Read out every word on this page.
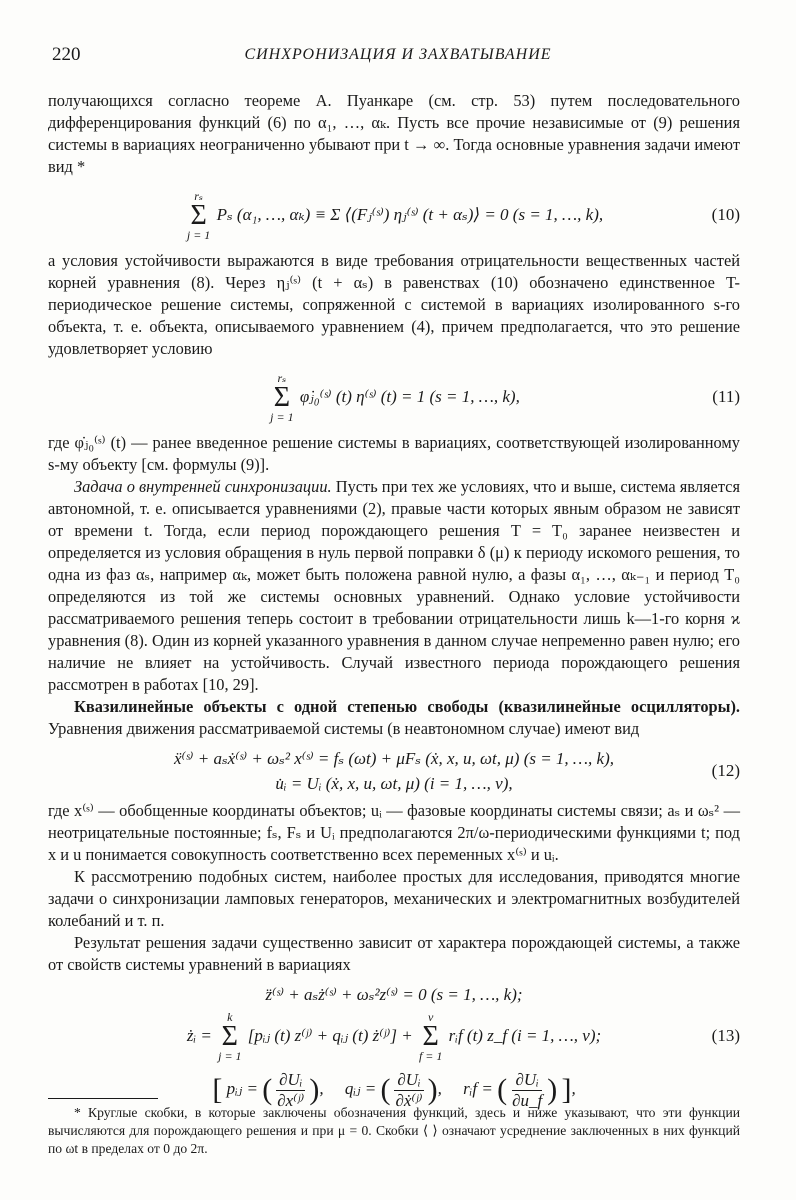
220	СИНХРОНИЗАЦИЯ И ЗАХВАТЫВАНИЕ

получающихся согласно теореме А. Пуанкаре (см. стр. 53) путем последовательного дифференцирования функций (6) по α₁, …, αₖ. Пусть все прочие независимые от (9) решения системы в вариациях неограниченно убывают при t → ∞. Тогда основные уравнения задачи имеют вид *

rₛ
Σ
j = 1
Pₛ (α₁, …, αₖ) ≡ Σ ⟨(Fⱼ⁽ˢ⁾) ηⱼ⁽ˢ⁾ (t + αₛ)⟩ = 0 (s = 1, …, k),	(10)

а условия устойчивости выражаются в виде требования отрицательности вещественных частей корней уравнения (8). Через ηⱼ⁽ˢ⁾ (t + αₛ) в равенствах (10) обозначено единственное T-периодическое решение системы, сопряженной с системой в вариациях изолированного s-го объекта, т. е. объекта, описываемого уравнением (4), причем предполагается, что это решение удовлетворяет условию

rₛ
Σ
j = 1
φ̇ⱼ₀⁽ˢ⁾ (t) η⁽ˢ⁾ (t) = 1 (s = 1, …, k),	(11)

где φ̇ⱼ₀⁽ˢ⁾ (t) — ранее введенное решение системы в вариациях, соответствующей изолированному s-му объекту [см. формулы (9)].

Задача о внутренней синхронизации. Пусть при тех же условиях, что и выше, система является автономной, т. е. описывается уравнениями (2), правые части которых явным образом не зависят от времени t. Тогда, если период порождающего решения T = T₀ заранее неизвестен и определяется из условия обращения в нуль первой поправки δ (μ) к периоду искомого решения, то одна из фаз αₛ, например αₖ, может быть положена равной нулю, а фазы α₁, …, αₖ₋₁ и период T₀ определяются из той же системы основных уравнений. Однако условие устойчивости рассматриваемого решения теперь состоит в требовании отрицательности лишь k—1-го корня ϰ уравнения (8). Один из корней указанного уравнения в данном случае непременно равен нулю; его наличие не влияет на устойчивость. Случай известного периода порождающего решения рассмотрен в работах [10, 29].

Квазилинейные объекты с одной степенью свободы (квазилинейные осцилляторы). Уравнения движения рассматриваемой системы (в неавтономном случае) имеют вид

ẍ⁽ˢ⁾ + aₛẋ⁽ˢ⁾ + ωₛ² x⁽ˢ⁾ = fₛ (ωt) + μFₛ (ẋ, x, u, ωt, μ) (s = 1, …, k),
u̇ᵢ = Uᵢ (ẋ, x, u, ωt, μ) (i = 1, …, ν),
(12)

где x⁽ˢ⁾ — обобщенные координаты объектов; uᵢ — фазовые координаты системы связи; aₛ и ωₛ² — неотрицательные постоянные; fₛ, Fₛ и Uᵢ предполагаются 2π/ω-периодическими функциями t; под x и u понимается совокупность соответственно всех переменных x⁽ˢ⁾ и uᵢ.

К рассмотрению подобных систем, наиболее простых для исследования, приводятся многие задачи о синхронизации ламповых генераторов, механических и электромагнитных возбудителей колебаний и т. п.

Результат решения задачи существенно зависит от характера порождающей системы, а также от свойств системы уравнений в вариациях

z̈⁽ˢ⁾ + aₛż⁽ˢ⁾ + ωₛ²z⁽ˢ⁾ = 0 (s = 1, …, k);
żᵢ =
k
Σ
j = 1
[pᵢⱼ (t) z⁽ʲ⁾ + qᵢⱼ (t) ż⁽ʲ⁾] +
ν
Σ
f = 1
rᵢf (t) z_f (i = 1, …, ν);	(13)
[ pᵢⱼ = ( $\frac{\text{∂Uᵢ}}{\text{∂x⁽ʲ⁾}}$ ),     qᵢⱼ = ( $\frac{\text{∂Uᵢ}}{\text{∂ẋ⁽ʲ⁾}}$ ),     rᵢf = ( $\frac{\text{∂Uᵢ}}{\partial u\_f}$ ) ],

* Круглые скобки, в которые заключены обозначения функций, здесь и ниже указывают, что эти функции вычисляются для порождающего решения и при μ = 0. Скобки ⟨ ⟩ означают усреднение заключенных в них функций по ωt в пределах от 0 до 2π.
